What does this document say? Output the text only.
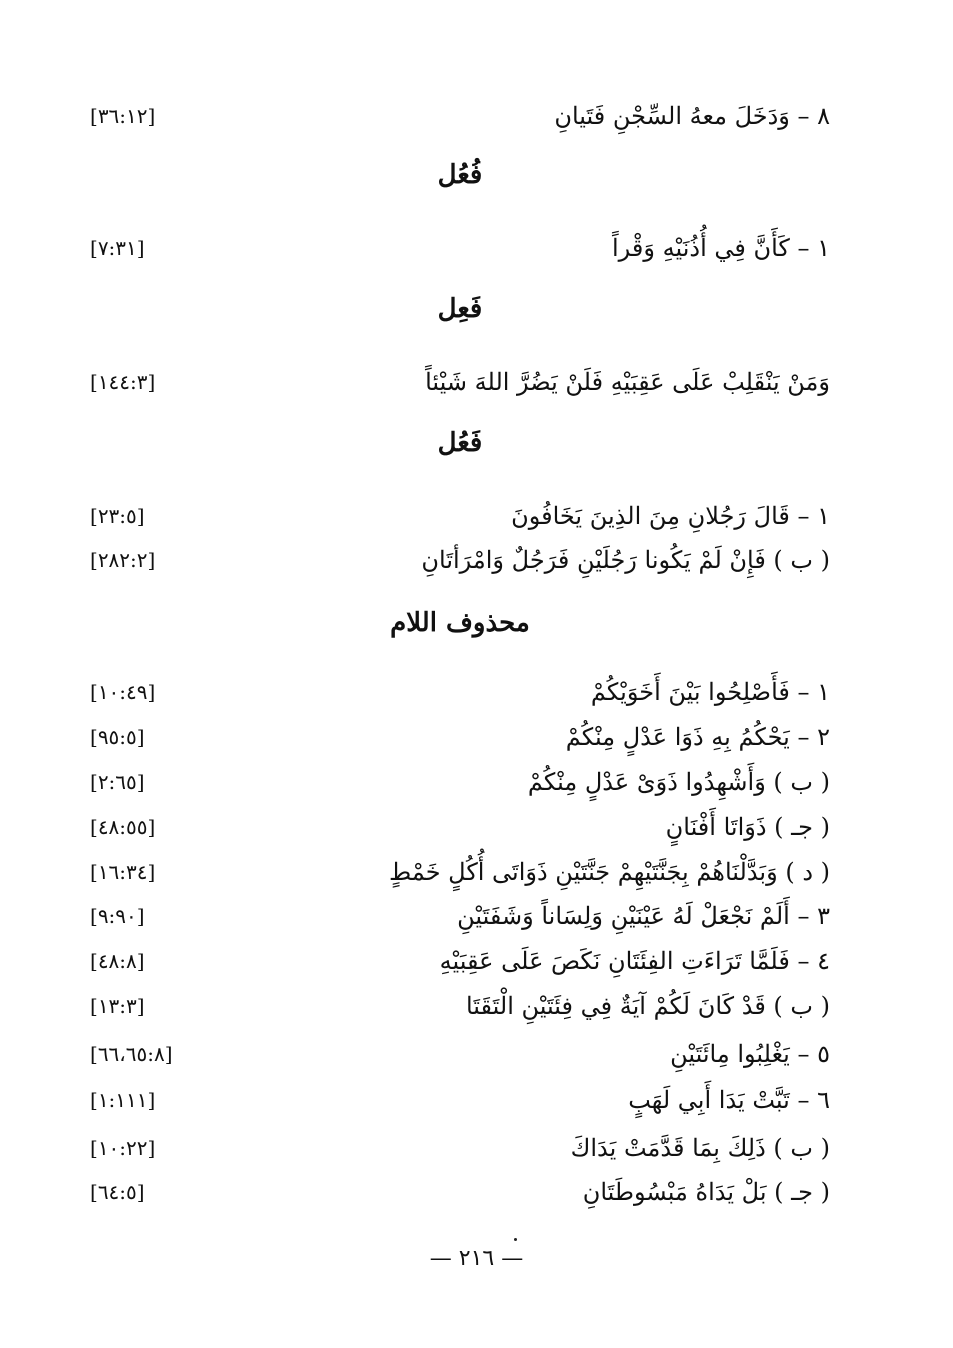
٨ – وَدَخَلَ معهُ السِّجْنِ فَتَيانِ
[٣٦:١٢]
فُعُل
١ – كَأَنَّ فِي أُذُنَيْهِ وَقْراً
[٧:٣١]
فَعِل
وَمَنْ يَنْقَلِبْ عَلَى عَقِبَيْهِ فَلَنْ يَضُرَّ اللهَ شَيْئاً
[١٤٤:٣]
فَعُل
١ – قَالَ رَجُلانِ مِنَ الذِينَ يَخَافُونَ
[٢٣:٥]
( ب ) فَإِنْ لَمْ يَكُونا رَجُلَيْنِ فَرَجُلٌ وَامْرَأتَانِ
[٢٨٢:٢]
محذوف اللام
١ – فَأَصْلِحُوا بَيْنَ أَخَوَيْكُمْ
[١٠:٤٩]
٢ – يَحْكُمُ بِهِ ذَوَا عَدْلٍ مِنْكُمْ
[٩٥:٥]
( ب ) وَأَشْهِدُوا ذَوَىْ عَدْلٍ مِنْكُمْ
[٢:٦٥]
( جـ ) ذَوَاتَا أَفْنَانٍ
[٤٨:٥٥]
( د ) وَبَدَّلْنَاهُمْ بِجَنَّتَيْهِمْ جَنَّتَيْنِ ذَوَاتَى أُكُلٍ خَمْطٍ
[١٦:٣٤]
٣ – أَلَمْ نَجْعَلْ لَهُ عَيْنَيْنِ وَلِسَاناً وَشَفَتَيْنِ
[٩:٩٠]
٤ – فَلَمَّا تَرَاءَتِ الفِئَتَانِ نَكَصَ عَلَى عَقِبَيْهِ
[٤٨:٨]
( ب ) قَدْ كَانَ لَكُمْ آيَةٌ فِي فِئَتَيْنِ الْتَقَتَا
[١٣:٣]
٥ – يَغْلِبُوا مِائَتَيْنِ
[٦٦،٦٥:٨]
٦ – تَبَّتْ يَدَا أَبِي لَهَبٍ
[١:١١١]
( ب ) ذَلِكَ بِمَا قَدَّمَتْ يَدَاكَ
[١٠:٢٢]
( جـ ) بَلْ يَدَاهُ مَبْسُوطَتَانِ
[٦٤:٥]
— ٢١٦ —
